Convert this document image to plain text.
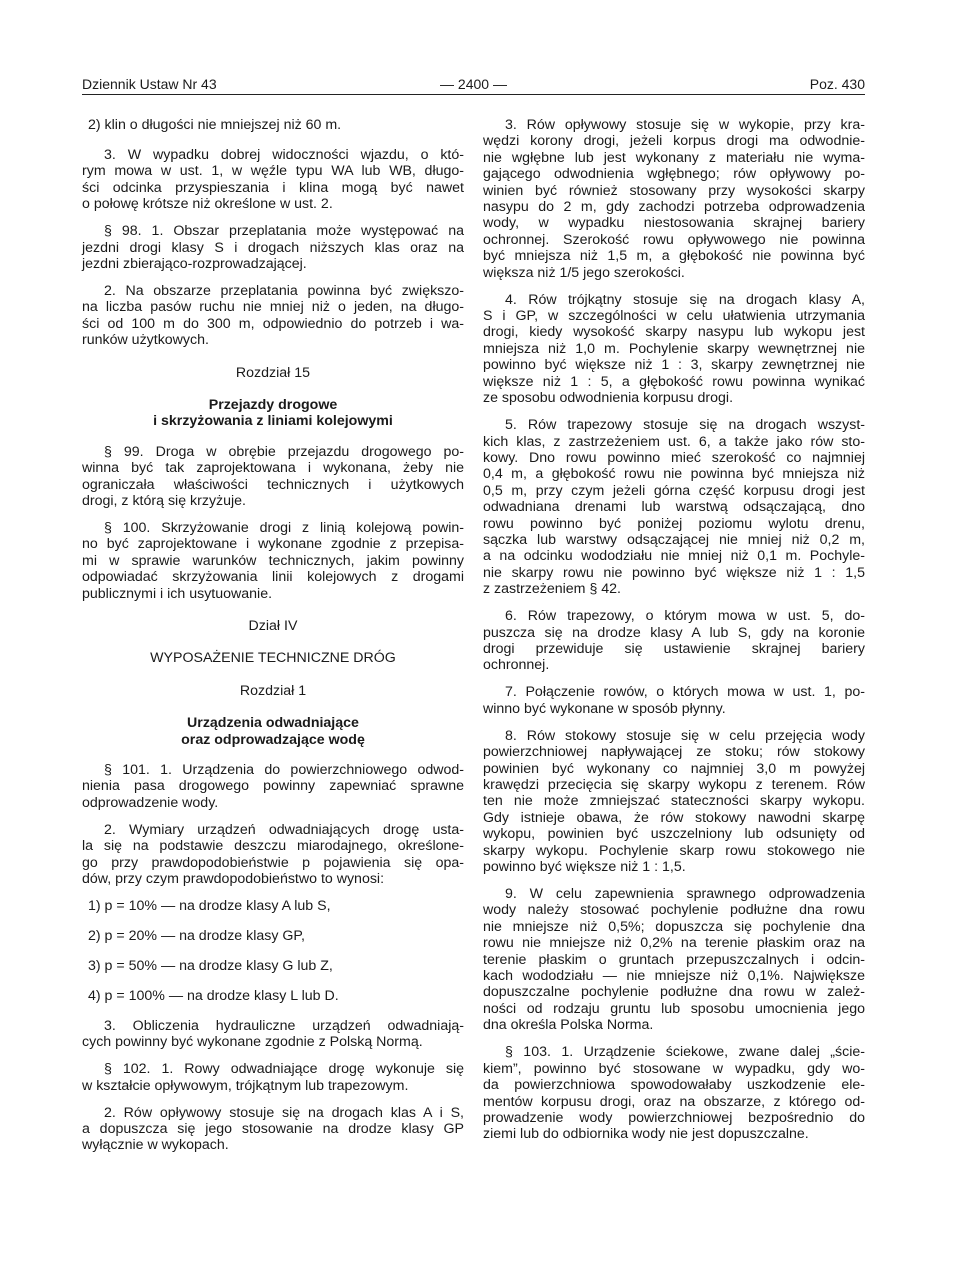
Dziennik Ustaw Nr 43	— 2400 —	Poz. 430
2) klin o długości nie mniejszej niż 60 m.
3. W wypadku dobrej widoczności wjazdu, o któ-
rym mowa w ust. 1, w węźle typu WA lub WB, długo-
ści odcinka przyspieszania i klina mogą być nawet
o połowę krótsze niż określone w ust. 2.
§ 98. 1. Obszar przeplatania może występować na
jezdni drogi klasy S i drogach niższych klas oraz na
jezdni zbierająco-rozprowadzającej.
2. Na obszarze przeplatania powinna być zwiększo-
na liczba pasów ruchu nie mniej niż o jeden, na długo-
ści od 100 m do 300 m, odpowiednio do potrzeb i wa-
runków użytkowych.
Rozdział 15
Przejazdy drogowe
i skrzyżowania z liniami kolejowymi
§ 99. Droga w obrębie przejazdu drogowego po-
winna być tak zaprojektowana i wykonana, żeby nie
ograniczała właściwości technicznych i użytkowych
drogi, z którą się krzyżuje.
§ 100. Skrzyżowanie drogi z linią kolejową powin-
no być zaprojektowane i wykonane zgodnie z przepisa-
mi w sprawie warunków technicznych, jakim powinny
odpowiadać skrzyżowania linii kolejowych z drogami
publicznymi i ich usytuowanie.
Dział IV
WYPOSAŻENIE TECHNICZNE DRÓG
Rozdział 1
Urządzenia odwadniające
oraz odprowadzające wodę
§ 101. 1. Urządzenia do powierzchniowego odwod-
nienia pasa drogowego powinny zapewniać sprawne
odprowadzenie wody.
2. Wymiary urządzeń odwadniających drogę usta-
la się na podstawie deszczu miarodajnego, określone-
go przy prawdopodobieństwie p pojawienia się opa-
dów, przy czym prawdopodobieństwo to wynosi:
1) p = 10% — na drodze klasy A lub S,
2) p = 20% — na drodze klasy GP,
3) p = 50% — na drodze klasy G lub Z,
4) p = 100% — na drodze klasy L lub D.
3. Obliczenia hydrauliczne urządzeń odwadniają-
cych powinny być wykonane zgodnie z Polską Normą.
§ 102. 1. Rowy odwadniające drogę wykonuje się
w kształcie opływowym, trójkątnym lub trapezowym.
2. Rów opływowy stosuje się na drogach klas A i S,
a dopuszcza się jego stosowanie na drodze klasy GP
wyłącznie w wykopach.
3. Rów opływowy stosuje się w wykopie, przy kra-
wędzi korony drogi, jeżeli korpus drogi ma odwodnie-
nie wgłębne lub jest wykonany z materiału nie wyma-
gającego odwodnienia wgłębnego; rów opływowy po-
winien być również stosowany przy wysokości skarpy
nasypu do 2 m, gdy zachodzi potrzeba odprowadzenia
wody, w wypadku niestosowania skrajnej bariery
ochronnej. Szerokość rowu opływowego nie powinna
być mniejsza niż 1,5 m, a głębokość nie powinna być
większa niż 1/5 jego szerokości.
4. Rów trójkątny stosuje się na drogach klasy A,
S i GP, w szczególności w celu ułatwienia utrzymania
drogi, kiedy wysokość skarpy nasypu lub wykopu jest
mniejsza niż 1,0 m. Pochylenie skarpy wewnętrznej nie
powinno być większe niż 1 : 3, skarpy zewnętrznej nie
większe niż 1 : 5, a głębokość rowu powinna wynikać
ze sposobu odwodnienia korpusu drogi.
5. Rów trapezowy stosuje się na drogach wszyst-
kich klas, z zastrzeżeniem ust. 6, a także jako rów sto-
kowy. Dno rowu powinno mieć szerokość co najmniej
0,4 m, a głębokość rowu nie powinna być mniejsza niż
0,5 m, przy czym jeżeli górna część korpusu drogi jest
odwadniana drenami lub warstwą odsączającą, dno
rowu powinno być poniżej poziomu wylotu drenu,
sączka lub warstwy odsączającej nie mniej niż 0,2 m,
a na odcinku wododziału nie mniej niż 0,1 m. Pochyle-
nie skarpy rowu nie powinno być większe niż 1 : 1,5
z zastrzeżeniem § 42.
6. Rów trapezowy, o którym mowa w ust. 5, do-
puszcza się na drodze klasy A lub S, gdy na koronie
drogi przewiduje się ustawienie skrajnej bariery
ochronnej.
7. Połączenie rowów, o których mowa w ust. 1, po-
winno być wykonane w sposób płynny.
8. Rów stokowy stosuje się w celu przejęcia wody
powierzchniowej napływającej ze stoku; rów stokowy
powinien być wykonany co najmniej 3,0 m powyżej
krawędzi przecięcia się skarpy wykopu z terenem. Rów
ten nie może zmniejszać stateczności skarpy wykopu.
Gdy istnieje obawa, że rów stokowy nawodni skarpę
wykopu, powinien być uszczelniony lub odsunięty od
skarpy wykopu. Pochylenie skarp rowu stokowego nie
powinno być większe niż 1 : 1,5.
9. W celu zapewnienia sprawnego odprowadzenia
wody należy stosować pochylenie podłużne dna rowu
nie mniejsze niż 0,5%; dopuszcza się pochylenie dna
rowu nie mniejsze niż 0,2% na terenie płaskim oraz na
terenie płaskim o gruntach przepuszczalnych i odcin-
kach wododziału — nie mniejsze niż 0,1%. Największe
dopuszczalne pochylenie podłużne dna rowu w zależ-
ności od rodzaju gruntu lub sposobu umocnienia jego
dna określa Polska Norma.
§ 103. 1. Urządzenie ściekowe, zwane dalej „ście-
kiem”, powinno być stosowane w wypadku, gdy wo-
da powierzchniowa spowodowałaby uszkodzenie ele-
mentów korpusu drogi, oraz na obszarze, z którego od-
prowadzenie wody powierzchniowej bezpośrednio do
ziemi lub do odbiornika wody nie jest dopuszczalne.
